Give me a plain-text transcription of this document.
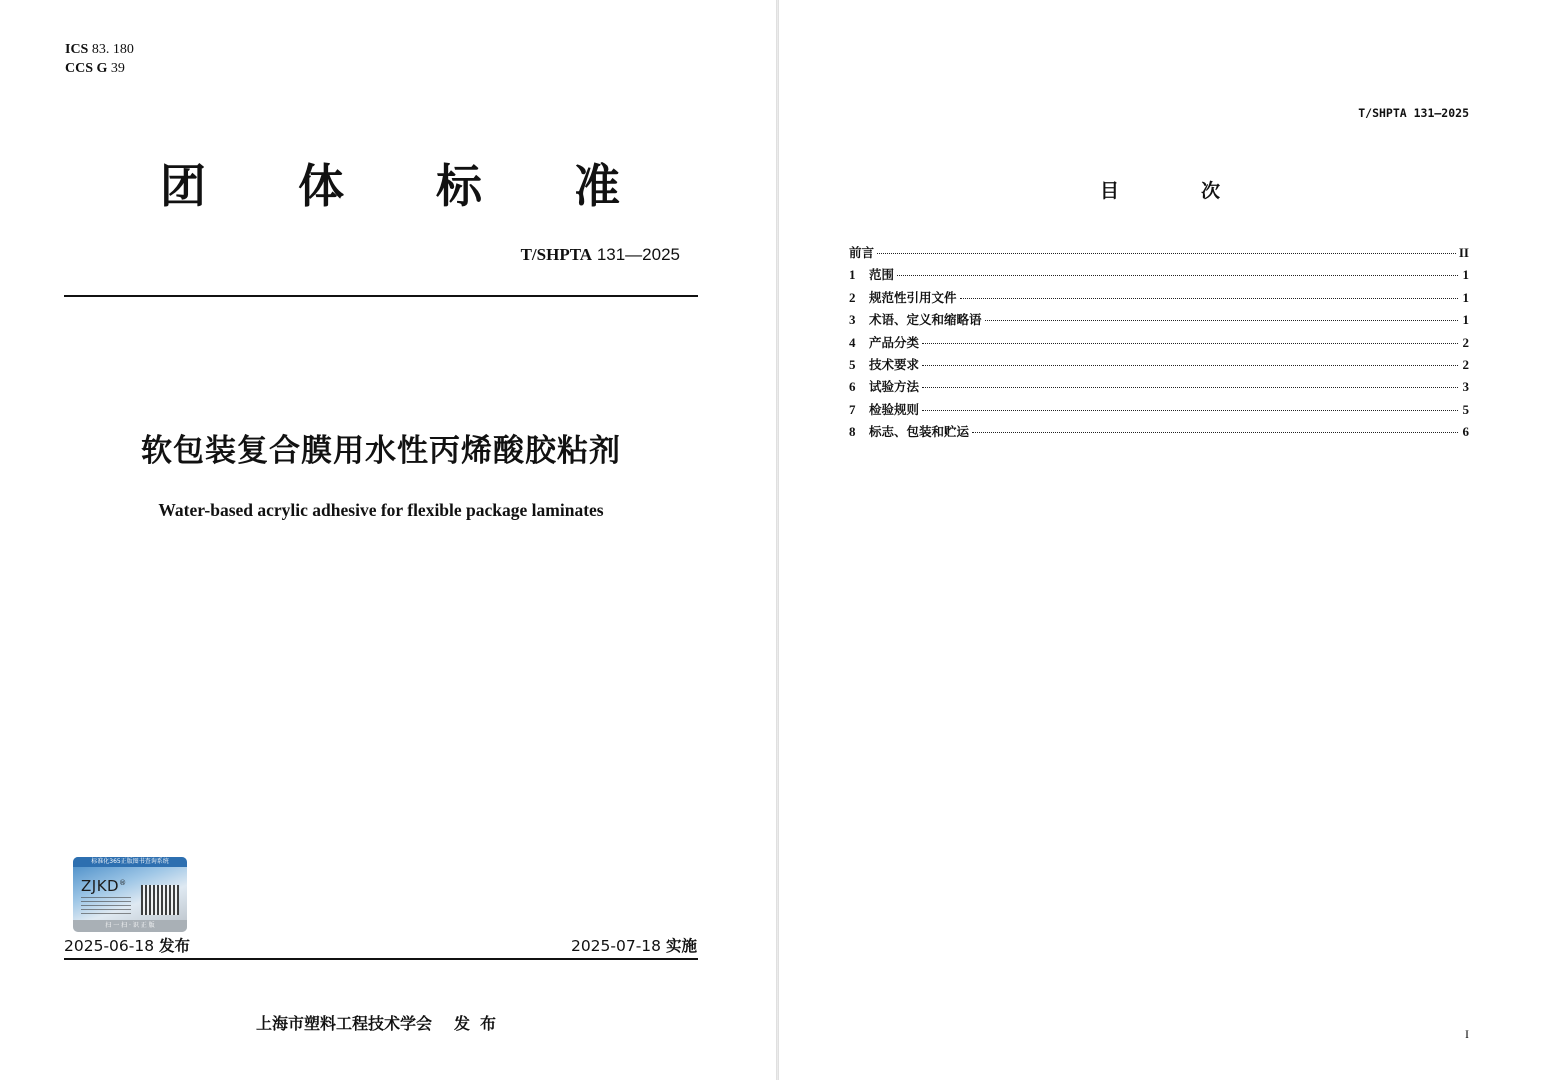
ICS 83. 180
CCS G 39
团 体 标 准
T/SHPTA 131—2025
软包装复合膜用水性丙烯酸胶粘剂
Water-based acrylic adhesive for flexible package laminates
标准化365正版图书查询系统
ZJKD®
扫 一 扫 · 识 正 版
2025-06-18 发布	2025-07-18 实施
上海市塑料工程技术学会 发布
T/SHPTA 131—2025
目	次
前言	II
1	范围	1
2	规范性引用文件	1
3	术语、定义和缩略语	1
4	产品分类	2
5	技术要求	2
6	试验方法	3
7	检验规则	5
8	标志、包装和贮运	6
I
